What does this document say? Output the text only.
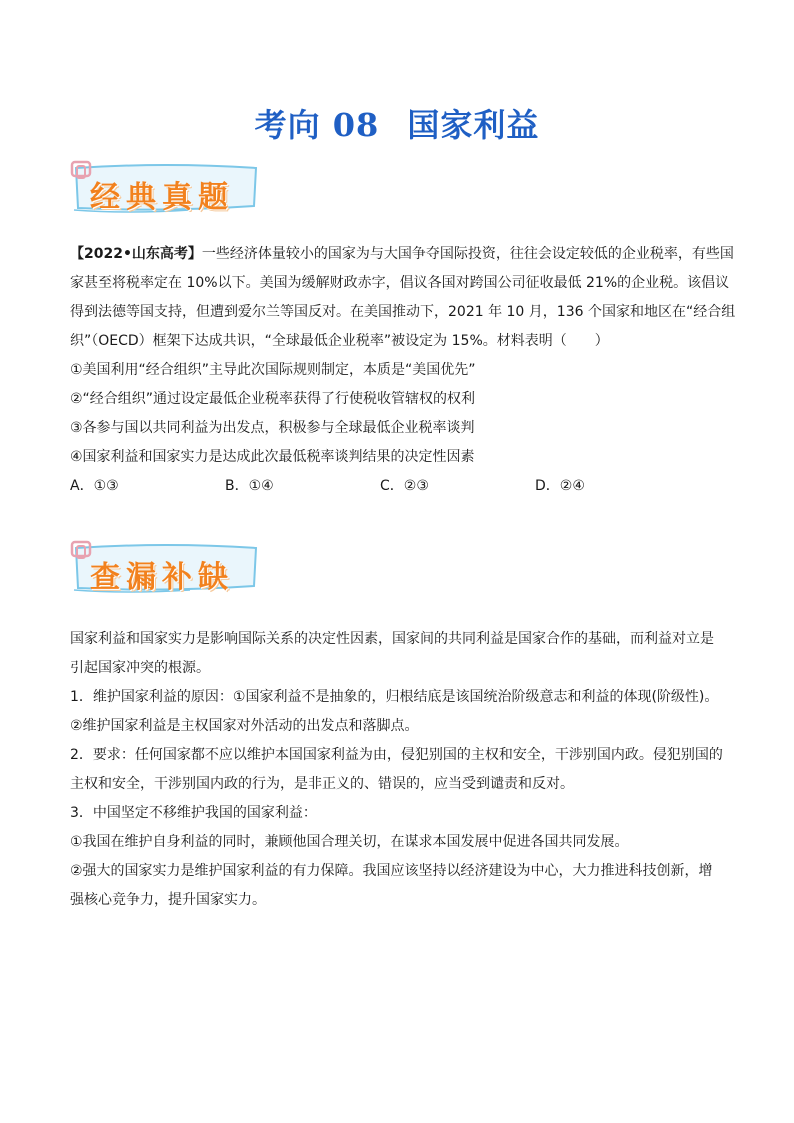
考向 08 国家利益
经典真题
【2022•山东高考】一些经济体量较小的国家为与大国争夺国际投资，往往会设定较低的企业税率，有些国
家甚至将税率定在 10%以下。美国为缓解财政赤字，倡议各国对跨国公司征收最低 21%的企业税。该倡议
得到法德等国支持，但遭到爱尔兰等国反对。在美国推动下，2021 年 10 月，136 个国家和地区在“经合组
织”（OECD）框架下达成共识，“全球最低企业税率”被设定为 15%。材料表明（　　）
①美国利用“经合组织”主导此次国际规则制定，本质是“美国优先”
②“经合组织”通过设定最低企业税率获得了行使税收管辖权的权利
③各参与国以共同利益为出发点，积极参与全球最低企业税率谈判
④国家利益和国家实力是达成此次最低税率谈判结果的决定性因素
A．①③	B．①④	C．②③	D．②④
查漏补缺
国家利益和国家实力是影响国际关系的决定性因素，国家间的共同利益是国家合作的基础，而利益对立是
引起国家冲突的根源。
1．维护国家利益的原因：①国家利益不是抽象的，归根结底是该国统治阶级意志和利益的体现(阶级性)。
②维护国家利益是主权国家对外活动的出发点和落脚点。
2．要求：任何国家都不应以维护本国国家利益为由，侵犯别国的主权和安全，干涉别国内政。侵犯别国的
主权和安全，干涉别国内政的行为，是非正义的、错误的，应当受到谴责和反对。
3．中国坚定不移维护我国的国家利益：
①我国在维护自身利益的同时，兼顾他国合理关切，在谋求本国发展中促进各国共同发展。
②强大的国家实力是维护国家利益的有力保障。我国应该坚持以经济建设为中心，大力推进科技创新，增
强核心竞争力，提升国家实力。
